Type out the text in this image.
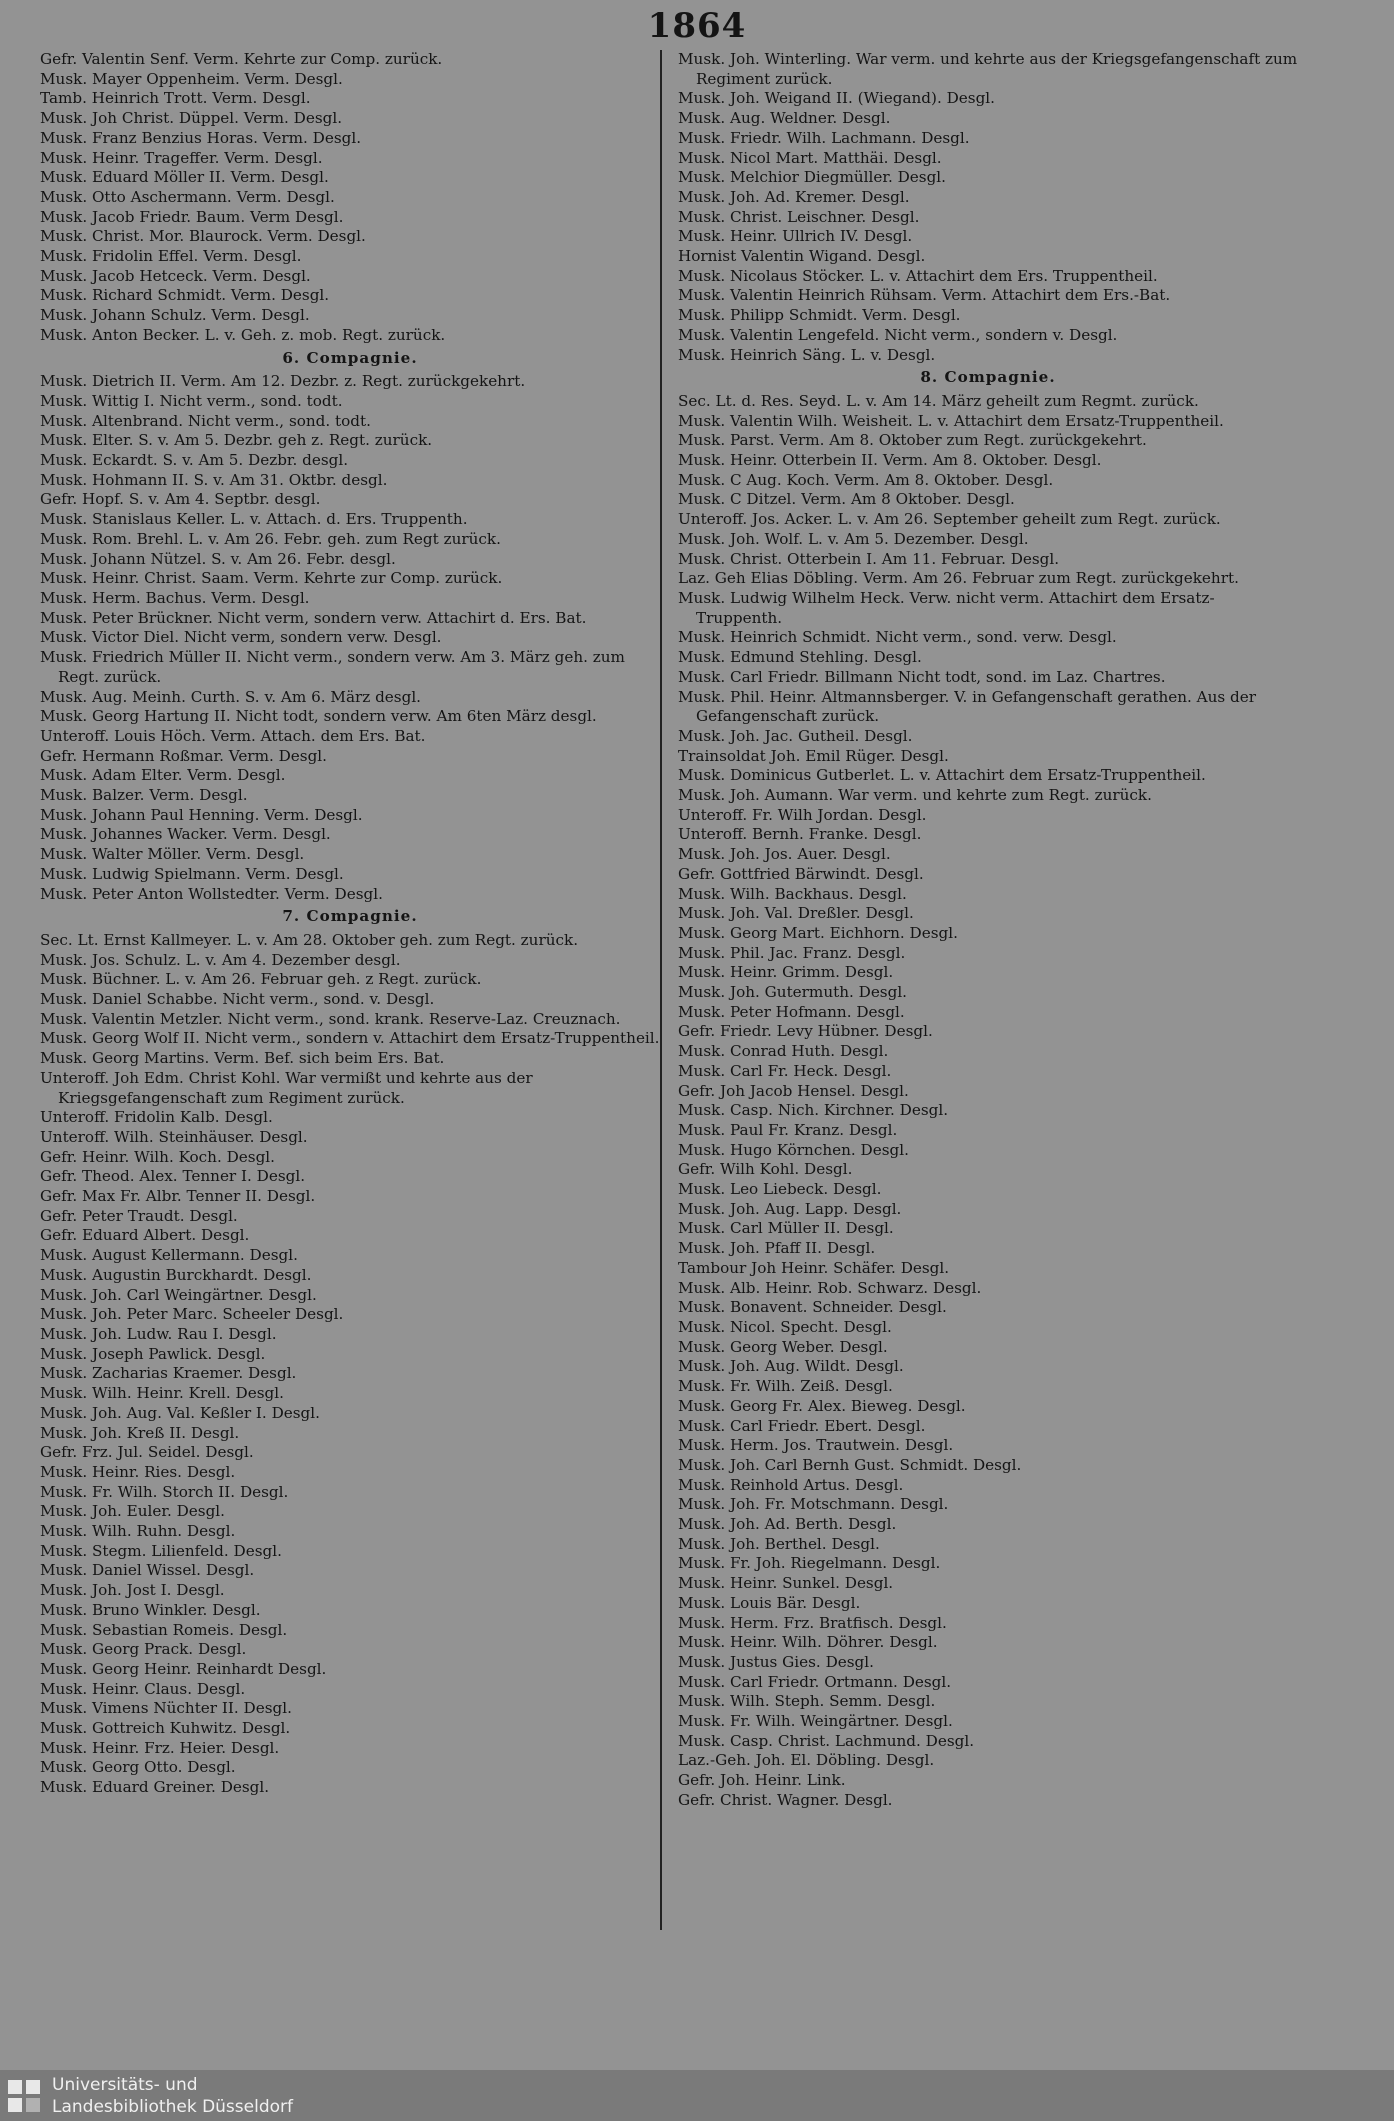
1864
Gefr. Valentin Senf. Verm. Kehrte zur Comp. zurück.
Musk. Mayer Oppenheim. Verm. Desgl.
Tamb. Heinrich Trott. Verm. Desgl.
Musk. Joh Christ. Düppel. Verm. Desgl.
Musk. Franz Benzius Horas. Verm. Desgl.
Musk. Heinr. Trageffer. Verm. Desgl.
Musk. Eduard Möller II. Verm. Desgl.
Musk. Otto Aschermann. Verm. Desgl.
Musk. Jacob Friedr. Baum. Verm Desgl.
Musk. Christ. Mor. Blaurock. Verm. Desgl.
Musk. Fridolin Effel. Verm. Desgl.
Musk. Jacob Hetceck. Verm. Desgl.
Musk. Richard Schmidt. Verm. Desgl.
Musk. Johann Schulz. Verm. Desgl.
Musk. Anton Becker. L. v. Geh. z. mob. Regt. zurück.
6. Compagnie.
Musk. Dietrich II. Verm. Am 12. Dezbr. z. Regt. zurückgekehrt.
Musk. Wittig I. Nicht verm., sond. todt.
Musk. Altenbrand. Nicht verm., sond. todt.
Musk. Elter. S. v. Am 5. Dezbr. geh z. Regt. zurück.
Musk. Eckardt. S. v. Am 5. Dezbr. desgl.
Musk. Hohmann II. S. v. Am 31. Oktbr. desgl.
Gefr. Hopf. S. v. Am 4. Septbr. desgl.
Musk. Stanislaus Keller. L. v. Attach. d. Ers. Truppenth.
Musk. Rom. Brehl. L. v. Am 26. Febr. geh. zum Regt zurück.
Musk. Johann Nützel. S. v. Am 26. Febr. desgl.
Musk. Heinr. Christ. Saam. Verm. Kehrte zur Comp. zurück.
Musk. Herm. Bachus. Verm. Desgl.
Musk. Peter Brückner. Nicht verm, sondern verw. Attachirt d. Ers. Bat.
Musk. Victor Diel. Nicht verm, sondern verw. Desgl.
Musk. Friedrich Müller II. Nicht verm., sondern verw. Am 3. März geh. zum Regt. zurück.
Musk. Aug. Meinh. Curth. S. v. Am 6. März desgl.
Musk. Georg Hartung II. Nicht todt, sondern verw. Am 6ten März desgl.
Unteroff. Louis Höch. Verm. Attach. dem Ers. Bat.
Gefr. Hermann Roßmar. Verm. Desgl.
Musk. Adam Elter. Verm. Desgl.
Musk. Balzer. Verm. Desgl.
Musk. Johann Paul Henning. Verm. Desgl.
Musk. Johannes Wacker. Verm. Desgl.
Musk. Walter Möller. Verm. Desgl.
Musk. Ludwig Spielmann. Verm. Desgl.
Musk. Peter Anton Wollstedter. Verm. Desgl.
7. Compagnie.
Sec. Lt. Ernst Kallmeyer. L. v. Am 28. Oktober geh. zum Regt. zurück.
Musk. Jos. Schulz. L. v. Am 4. Dezember desgl.
Musk. Büchner. L. v. Am 26. Februar geh. z Regt. zurück.
Musk. Daniel Schabbe. Nicht verm., sond. v. Desgl.
Musk. Valentin Metzler. Nicht verm., sond. krank. Reserve-Laz. Creuznach.
Musk. Georg Wolf II. Nicht verm., sondern v. Attachirt dem Ersatz-Truppentheil.
Musk. Georg Martins. Verm. Bef. sich beim Ers. Bat.
Unteroff. Joh Edm. Christ Kohl. War vermißt und kehrte aus der Kriegsgefangenschaft zum Regiment zurück.
Unteroff. Fridolin Kalb. Desgl.
Unteroff. Wilh. Steinhäuser. Desgl.
Gefr. Heinr. Wilh. Koch. Desgl.
Gefr. Theod. Alex. Tenner I. Desgl.
Gefr. Max Fr. Albr. Tenner II. Desgl.
Gefr. Peter Traudt. Desgl.
Gefr. Eduard Albert. Desgl.
Musk. August Kellermann. Desgl.
Musk. Augustin Burckhardt. Desgl.
Musk. Joh. Carl Weingärtner. Desgl.
Musk. Joh. Peter Marc. Scheeler Desgl.
Musk. Joh. Ludw. Rau I. Desgl.
Musk. Joseph Pawlick. Desgl.
Musk. Zacharias Kraemer. Desgl.
Musk. Wilh. Heinr. Krell. Desgl.
Musk. Joh. Aug. Val. Keßler I. Desgl.
Musk. Joh. Kreß II. Desgl.
Gefr. Frz. Jul. Seidel. Desgl.
Musk. Heinr. Ries. Desgl.
Musk. Fr. Wilh. Storch II. Desgl.
Musk. Joh. Euler. Desgl.
Musk. Wilh. Ruhn. Desgl.
Musk. Stegm. Lilienfeld. Desgl.
Musk. Daniel Wissel. Desgl.
Musk. Joh. Jost I. Desgl.
Musk. Bruno Winkler. Desgl.
Musk. Sebastian Romeis. Desgl.
Musk. Georg Prack. Desgl.
Musk. Georg Heinr. Reinhardt Desgl.
Musk. Heinr. Claus. Desgl.
Musk. Vimens Nüchter II. Desgl.
Musk. Gottreich Kuhwitz. Desgl.
Musk. Heinr. Frz. Heier. Desgl.
Musk. Georg Otto. Desgl.
Musk. Eduard Greiner. Desgl.
Musk. Joh. Winterling. War verm. und kehrte aus der Kriegsgefangenschaft zum Regiment zurück.
Musk. Joh. Weigand II. (Wiegand). Desgl.
Musk. Aug. Weldner. Desgl.
Musk. Friedr. Wilh. Lachmann. Desgl.
Musk. Nicol Mart. Matthäi. Desgl.
Musk. Melchior Diegmüller. Desgl.
Musk. Joh. Ad. Kremer. Desgl.
Musk. Christ. Leischner. Desgl.
Musk. Heinr. Ullrich IV. Desgl.
Hornist Valentin Wigand. Desgl.
Musk. Nicolaus Stöcker. L. v. Attachirt dem Ers. Truppentheil.
Musk. Valentin Heinrich Rühsam. Verm. Attachirt dem Ers.-Bat.
Musk. Philipp Schmidt. Verm. Desgl.
Musk. Valentin Lengefeld. Nicht verm., sondern v. Desgl.
Musk. Heinrich Säng. L. v. Desgl.
8. Compagnie.
Sec. Lt. d. Res. Seyd. L. v. Am 14. März geheilt zum Regmt. zurück.
Musk. Valentin Wilh. Weisheit. L. v. Attachirt dem Ersatz-Truppentheil.
Musk. Parst. Verm. Am 8. Oktober zum Regt. zurückgekehrt.
Musk. Heinr. Otterbein II. Verm. Am 8. Oktober. Desgl.
Musk. C Aug. Koch. Verm. Am 8. Oktober. Desgl.
Musk. C Ditzel. Verm. Am 8 Oktober. Desgl.
Unteroff. Jos. Acker. L. v. Am 26. September geheilt zum Regt. zurück.
Musk. Joh. Wolf. L. v. Am 5. Dezember. Desgl.
Musk. Christ. Otterbein I. Am 11. Februar. Desgl.
Laz. Geh Elias Döbling. Verm. Am 26. Februar zum Regt. zurückgekehrt.
Musk. Ludwig Wilhelm Heck. Verw. nicht verm. Attachirt dem Ersatz-Truppenth.
Musk. Heinrich Schmidt. Nicht verm., sond. verw. Desgl.
Musk. Edmund Stehling. Desgl.
Musk. Carl Friedr. Billmann Nicht todt, sond. im Laz. Chartres.
Musk. Phil. Heinr. Altmannsberger. V. in Gefangenschaft gerathen. Aus der Gefangenschaft zurück.
Musk. Joh. Jac. Gutheil. Desgl.
Trainsoldat Joh. Emil Rüger. Desgl.
Musk. Dominicus Gutberlet. L. v. Attachirt dem Ersatz-Truppentheil.
Musk. Joh. Aumann. War verm. und kehrte zum Regt. zurück.
Unteroff. Fr. Wilh Jordan. Desgl.
Unteroff. Bernh. Franke. Desgl.
Musk. Joh. Jos. Auer. Desgl.
Gefr. Gottfried Bärwindt. Desgl.
Musk. Wilh. Backhaus. Desgl.
Musk. Joh. Val. Dreßler. Desgl.
Musk. Georg Mart. Eichhorn. Desgl.
Musk. Phil. Jac. Franz. Desgl.
Musk. Heinr. Grimm. Desgl.
Musk. Joh. Gutermuth. Desgl.
Musk. Peter Hofmann. Desgl.
Gefr. Friedr. Levy Hübner. Desgl.
Musk. Conrad Huth. Desgl.
Musk. Carl Fr. Heck. Desgl.
Gefr. Joh Jacob Hensel. Desgl.
Musk. Casp. Nich. Kirchner. Desgl.
Musk. Paul Fr. Kranz. Desgl.
Musk. Hugo Körnchen. Desgl.
Gefr. Wilh Kohl. Desgl.
Musk. Leo Liebeck. Desgl.
Musk. Joh. Aug. Lapp. Desgl.
Musk. Carl Müller II. Desgl.
Musk. Joh. Pfaff II. Desgl.
Tambour Joh Heinr. Schäfer. Desgl.
Musk. Alb. Heinr. Rob. Schwarz. Desgl.
Musk. Bonavent. Schneider. Desgl.
Musk. Nicol. Specht. Desgl.
Musk. Georg Weber. Desgl.
Musk. Joh. Aug. Wildt. Desgl.
Musk. Fr. Wilh. Zeiß. Desgl.
Musk. Georg Fr. Alex. Bieweg. Desgl.
Musk. Carl Friedr. Ebert. Desgl.
Musk. Herm. Jos. Trautwein. Desgl.
Musk. Joh. Carl Bernh Gust. Schmidt. Desgl.
Musk. Reinhold Artus. Desgl.
Musk. Joh. Fr. Motschmann. Desgl.
Musk. Joh. Ad. Berth. Desgl.
Musk. Joh. Berthel. Desgl.
Musk. Fr. Joh. Riegelmann. Desgl.
Musk. Heinr. Sunkel. Desgl.
Musk. Louis Bär. Desgl.
Musk. Herm. Frz. Bratfisch. Desgl.
Musk. Heinr. Wilh. Döhrer. Desgl.
Musk. Justus Gies. Desgl.
Musk. Carl Friedr. Ortmann. Desgl.
Musk. Wilh. Steph. Semm. Desgl.
Musk. Fr. Wilh. Weingärtner. Desgl.
Musk. Casp. Christ. Lachmund. Desgl.
Laz.-Geh. Joh. El. Döbling. Desgl.
Gefr. Joh. Heinr. Link.
Gefr. Christ. Wagner. Desgl.
Universitäts- und
Landesbibliothek Düsseldorf
